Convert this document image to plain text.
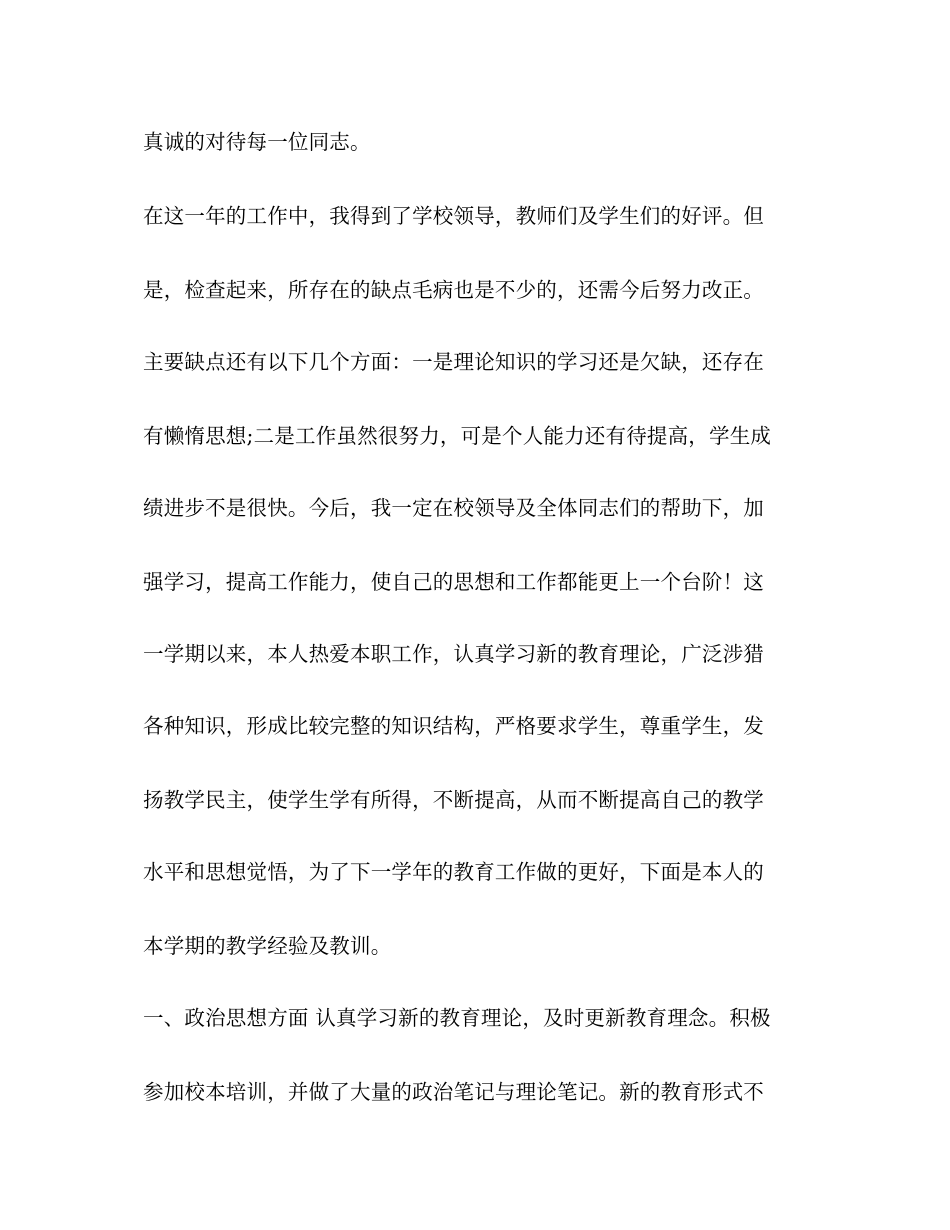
真诚的对待每一位同志。
在这一年的工作中，我得到了学校领导，教师们及学生们的好评。但
是，检查起来，所存在的缺点毛病也是不少的，还需今后努力改正。
主要缺点还有以下几个方面：一是理论知识的学习还是欠缺，还存在
有懒惰思想;二是工作虽然很努力，可是个人能力还有待提高，学生成
绩进步不是很快。今后，我一定在校领导及全体同志们的帮助下，加
强学习，提高工作能力，使自己的思想和工作都能更上一个台阶！这
一学期以来，本人热爱本职工作，认真学习新的教育理论，广泛涉猎
各种知识，形成比较完整的知识结构，严格要求学生，尊重学生，发
扬教学民主，使学生学有所得，不断提高，从而不断提高自己的教学
水平和思想觉悟，为了下一学年的教育工作做的更好，下面是本人的
本学期的教学经验及教训。
一、政治思想方面 认真学习新的教育理论，及时更新教育理念。积极
参加校本培训，并做了大量的政治笔记与理论笔记。新的教育形式不
